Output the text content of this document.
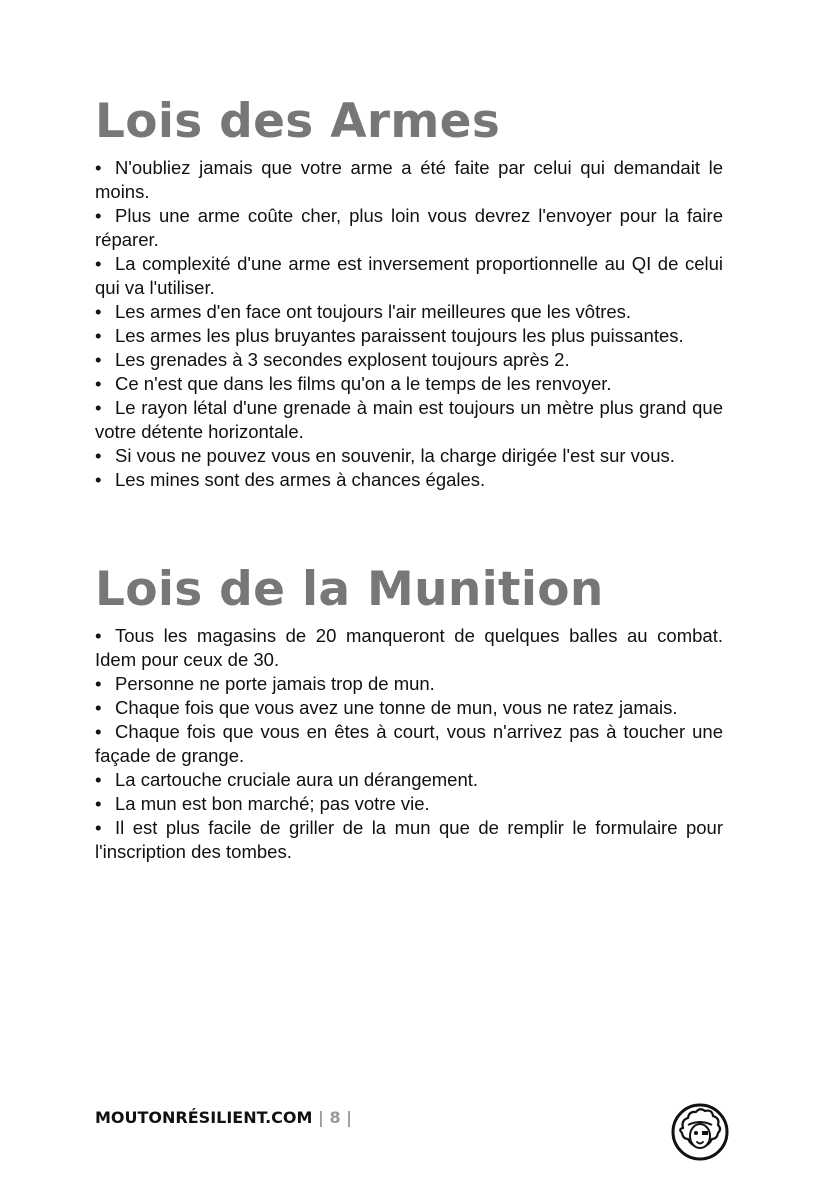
Lois des Armes
• N'oubliez jamais que votre arme a été faite par celui qui demandait le moins.
• Plus une arme coûte cher, plus loin vous devrez l'envoyer pour la faire réparer.
• La complexité d'une arme est inversement proportionnelle au QI de celui qui va l'utiliser.
• Les armes d'en face ont toujours l'air meilleures que les vôtres.
• Les armes les plus bruyantes paraissent toujours les plus puissantes.
• Les grenades à 3 secondes explosent toujours après 2.
• Ce n'est que dans les films qu'on a le temps de les renvoyer.
• Le rayon létal d'une grenade à main est toujours un mètre plus grand que votre détente horizontale.
• Si vous ne pouvez vous en souvenir, la charge dirigée l'est sur vous.
• Les mines sont des armes à chances égales.
Lois de la Munition
• Tous les magasins de 20 manqueront de quelques balles au combat. Idem pour ceux de 30.
• Personne ne porte jamais trop de mun.
• Chaque fois que vous avez une tonne de mun, vous ne ratez jamais.
• Chaque fois que vous en êtes à court, vous n'arrivez pas à toucher une façade de grange.
• La cartouche cruciale aura un dérangement.
• La mun est bon marché; pas votre vie.
• Il est plus facile de griller de la mun que de remplir le formulaire pour l'inscription des tombes.
MOUTONRÉSILIENT.COM | 8 |
